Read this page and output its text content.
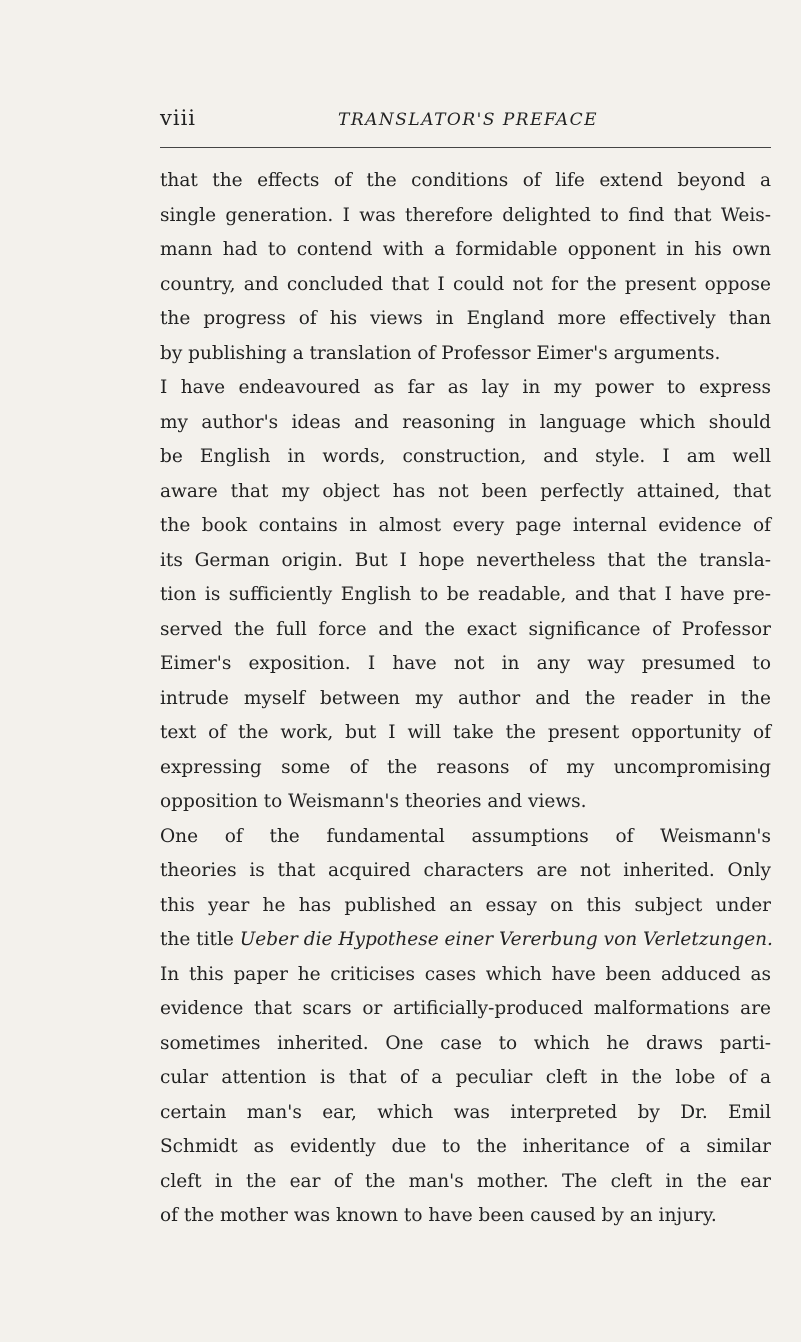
viii	TRANSLATOR'S PREFACE
that the effects of the conditions of life extend beyond a
single generation. I was therefore delighted to find that Weis-
mann had to contend with a formidable opponent in his own
country, and concluded that I could not for the present oppose
the progress of his views in England more effectively than
by publishing a translation of Professor Eimer's arguments.
I have endeavoured as far as lay in my power to express
my author's ideas and reasoning in language which should
be English in words, construction, and style. I am well
aware that my object has not been perfectly attained, that
the book contains in almost every page internal evidence of
its German origin. But I hope nevertheless that the transla-
tion is sufficiently English to be readable, and that I have pre-
served the full force and the exact significance of Professor
Eimer's exposition. I have not in any way presumed to
intrude myself between my author and the reader in the
text of the work, but I will take the present opportunity of
expressing some of the reasons of my uncompromising
opposition to Weismann's theories and views.
One of the fundamental assumptions of Weismann's
theories is that acquired characters are not inherited. Only
this year he has published an essay on this subject under
the title Ueber die Hypothese einer Vererbung von Verletzungen.
In this paper he criticises cases which have been adduced as
evidence that scars or artificially-produced malformations are
sometimes inherited. One case to which he draws parti-
cular attention is that of a peculiar cleft in the lobe of a
certain man's ear, which was interpreted by Dr. Emil
Schmidt as evidently due to the inheritance of a similar
cleft in the ear of the man's mother. The cleft in the ear
of the mother was known to have been caused by an injury.
